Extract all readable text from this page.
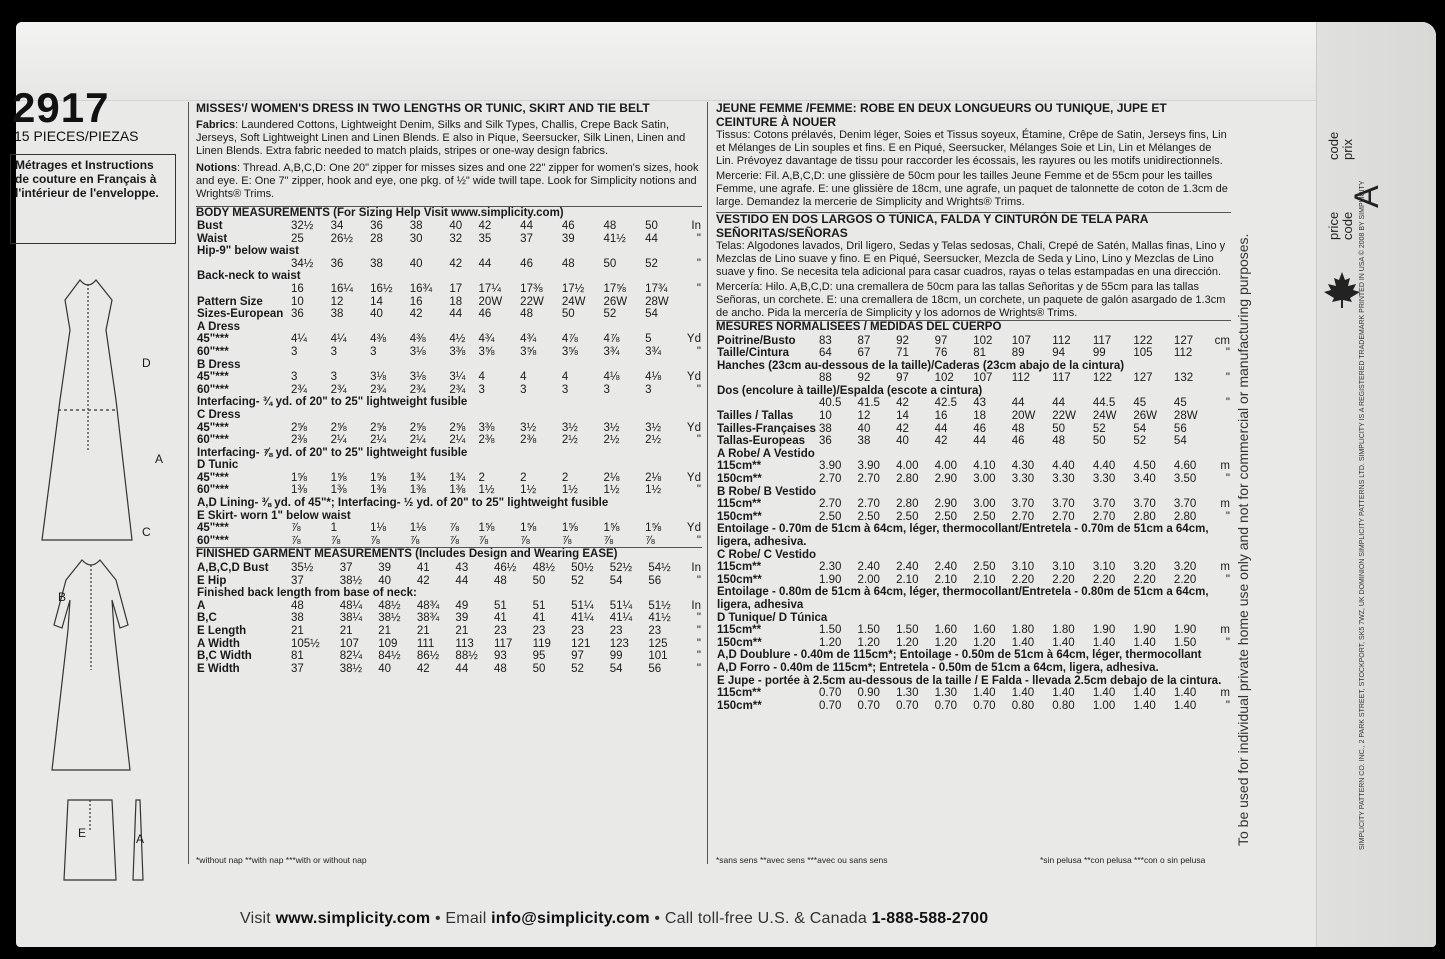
2917
15 PIECES/PIEZAS
Métrages et Instructions de couture en Français à l'intérieur de l'enveloppe.
D
A
C
B
E	A

MISSES'/ WOMEN'S DRESS IN TWO LENGTHS OR TUNIC, SKIRT AND TIE BELT

Fabrics: Laundered Cottons, Lightweight Denim, Silks and Silk Types, Challis, Crepe Back Satin, Jerseys, Soft Lightweight Linen and Linen Blends. E also in Pique, Seersucker, Silk Linen, Linen and Linen Blends. Extra fabric needed to match plaids, stripes or one-way design fabrics.

Notions: Thread. A,B,C,D: One 20" zipper for misses sizes and one 22" zipper for women's sizes, hook and eye. E: One 7" zipper, hook and eye, one pkg. of ½" wide twill tape. Look for Simplicity notions and Wrights® Trims.

BODY MEASUREMENTS (For Sizing Help Visit www.simplicity.com)

Bust	32½	34	36	38	40	42	44	46	48	50	In
Waist	25	26½	28	30	32	35	37	39	41½	44	"
Hip-9" below waist											
	34½	36	38	40	42	44	46	48	50	52	"
Back-neck to waist											
	16	16¼	16½	16¾	17	17¼	17⅜	17½	17⅝	17¾	"
Pattern Size	10	12	14	16	18	20W	22W	24W	26W	28W	
Sizes-European	36	38	40	42	44	46	48	50	52	54	
A Dress											
45"***	4¼	4¼	4⅜	4⅜	4½	4¾	4¾	4⅞	4⅞	5	Yd
60"***	3	3	3	3⅛	3⅜	3⅝	3⅝	3⅝	3¾	3¾	"
B Dress											
45"***	3	3	3⅛	3⅛	3¼	4	4	4	4⅛	4⅛	Yd
60"***	2¾	2¾	2¾	2¾	2¾	3	3	3	3	3	"
Interfacing- ¾ yd. of 20" to 25" lightweight fusible											
C Dress											
45"***	2⅝	2⅝	2⅝	2⅝	2⅝	3⅜	3½	3½	3½	3½	Yd
60"***	2⅜	2¼	2¼	2¼	2¼	2⅜	2⅜	2½	2½	2½	"
Interfacing- ⅞ yd. of 20" to 25" lightweight fusible											
D Tunic											
45"***	1⅝	1⅝	1⅝	1¾	1¾	2	2	2	2⅛	2⅛	Yd
60"***	1⅜	1⅜	1⅜	1⅜	1⅜	1½	1½	1½	1½	1½	"
A,D Lining- ⅜ yd. of 45"*; Interfacing- ½ yd. of 20" to 25" lightweight fusible											
E Skirt- worn 1" below waist											
45"***	⅞	1	1⅛	1⅛	⅞	1⅝	1⅝	1⅝	1⅝	1⅝	Yd
60"***	⅞	⅞	⅞	⅞	⅞	⅞	⅞	⅞	⅞	⅞	"

FINISHED GARMENT MEASUREMENTS (Includes Design and Wearing EASE)

A,B,C,D Bust	35½	37	39	41	43	46½	48½	50½	52½	54½	In
E Hip	37	38½	40	42	44	48	50	52	54	56	"
Finished back length from base of neck:											
A	48	48¼	48½	48¾	49	51	51	51¼	51¼	51½	In
B,C	38	38¼	38½	38¾	39	41	41	41¼	41¼	41½	"
E Length	21	21	21	21	21	23	23	23	23	23	"
A Width	105½	107	109	111	113	117	119	121	123	125	"
B,C Width	81	82¼	84½	86½	88½	93	95	97	99	101	"
E Width	37	38½	40	42	44	48	50	52	54	56	"
*without nap **with nap ***with or without nap

JEUNE FEMME /FEMME: ROBE EN DEUX LONGUEURS OU TUNIQUE, JUPE ET CEINTURE À NOUER

Tissus: Cotons prélavés, Denim léger, Soies et Tissus soyeux, Étamine, Crêpe de Satin, Jerseys fins, Lin et Mélanges de Lin souples et fins. E en Piqué, Seersucker, Mélanges Soie et Lin, Lin et Mélanges de Lin. Prévoyez davantage de tissu pour raccorder les écossais, les rayures ou les motifs unidirectionnels.

Mercerie: Fil. A,B,C,D: une glissière de 50cm pour les tailles Jeune Femme et de 55cm pour les tailles Femme, une agrafe. E: une glissière de 18cm, une agrafe, un paquet de talonnette de coton de 1.3cm de large. Demandez la mercerie de Simplicity and Wrights® Trims.

VESTIDO EN DOS LARGOS O TÚNICA, FALDA Y CINTURÓN DE TELA PARA SEÑORITAS/SEÑORAS

Telas: Algodones lavados, Dril ligero, Sedas y Telas sedosas, Chali, Crepé de Satén, Mallas finas, Lino y Mezclas de Lino suave y fino. E en Piqué, Seersucker, Mezcla de Seda y Lino, Lino y Mezclas de Lino suave y fino. Se necesita tela adicional para casar cuadros, rayas o telas estampadas en una dirección.

Mercería: Hilo. A,B,C,D: una cremallera de 50cm para las tallas Señoritas y de 55cm para las tallas Señoras, un corchete. E: una cremallera de 18cm, un corchete, un paquete de galón asargado de 1.3cm de ancho. Pida la mercería de Simplicity y los adornos de Wrights® Trims.

MESURES NORMALISEES / MEDIDAS DEL CUERPO

Poitrine/Busto	83	87	92	97	102	107	112	117	122	127	cm
Taille/Cintura	64	67	71	76	81	89	94	99	105	112	"
Hanches (23cm au-dessous de la taille)/Caderas (23cm abajo de la cintura)											
	88	92	97	102	107	112	117	122	127	132	"
Dos (encolure à taille)/Espalda (escote a cintura)											
	40.5	41.5	42	42.5	43	44	44	44.5	45	45	"
Tailles / Tallas	10	12	14	16	18	20W	22W	24W	26W	28W	
Tailles-Françaises	38	40	42	44	46	48	50	52	54	56	
Tallas-Europeas	36	38	40	42	44	46	48	50	52	54	
A Robe/ A Vestido											
115cm**	3.90	3.90	4.00	4.00	4.10	4.30	4.40	4.40	4.50	4.60	m
150cm**	2.70	2.70	2.80	2.90	3.00	3.30	3.30	3.30	3.40	3.50	"
B Robe/ B Vestido											
115cm**	2.70	2.70	2.80	2.90	3.00	3.70	3.70	3.70	3.70	3.70	m
150cm**	2.50	2.50	2.50	2.50	2.50	2.70	2.70	2.70	2.80	2.80	"
Entoilage - 0.70m de 51cm à 64cm, léger, thermocollant/Entretela - 0.70m de 51cm a 64cm, ligera, adhesiva.											
C Robe/ C Vestido											
115cm**	2.30	2.40	2.40	2.40	2.50	3.10	3.10	3.10	3.20	3.20	m
150cm**	1.90	2.00	2.10	2.10	2.10	2.20	2.20	2.20	2.20	2.20	"
Entoilage - 0.80m de 51cm à 64cm, léger, thermocollant/Entretela - 0.80m de 51cm a 64cm, ligera, adhesiva											
D Tunique/ D Túnica											
115cm**	1.50	1.50	1.50	1.60	1.60	1.80	1.80	1.90	1.90	1.90	m
150cm**	1.20	1.20	1.20	1.20	1.20	1.40	1.40	1.40	1.40	1.50	"
A,D Doublure - 0.40m de 115cm*; Entoilage - 0.50m de 51cm à 64cm, léger, thermocollant											
A,D Forro - 0.40m de 115cm*; Entretela - 0.50m de 51cm a 64cm, ligera, adhesiva.											
E Jupe - portée à 2.5cm au-dessous de la taille / E Falda - llevada 2.5cm debajo de la cintura.											
115cm**	0.70	0.90	1.30	1.30	1.40	1.40	1.40	1.40	1.40	1.40	m
150cm**	0.70	0.70	0.70	0.70	0.70	0.80	0.80	1.00	1.40	1.40	"
*sans sens **avec sens ***avec ou sans sens	*sin pelusa **con pelusa ***con o sin pelusa
Visit www.simplicity.com • Email info@simplicity.com • Call toll-free U.S. & Canada 1-888-588-2700
To be used for individual private home use only and not for commercial or manufacturing purposes.
price code
A
code prix
SIMPLICITY PATTERN CO. INC., 2 PARK STREET, STOCKPORT, SK5 7WZ, UK DOMINION SIMPLICITY PATTERNS LTD. SIMPLICITY IS A REGISTERED TRADEMARK PRINTED IN USA © 2008 BY SIMPLICITY
